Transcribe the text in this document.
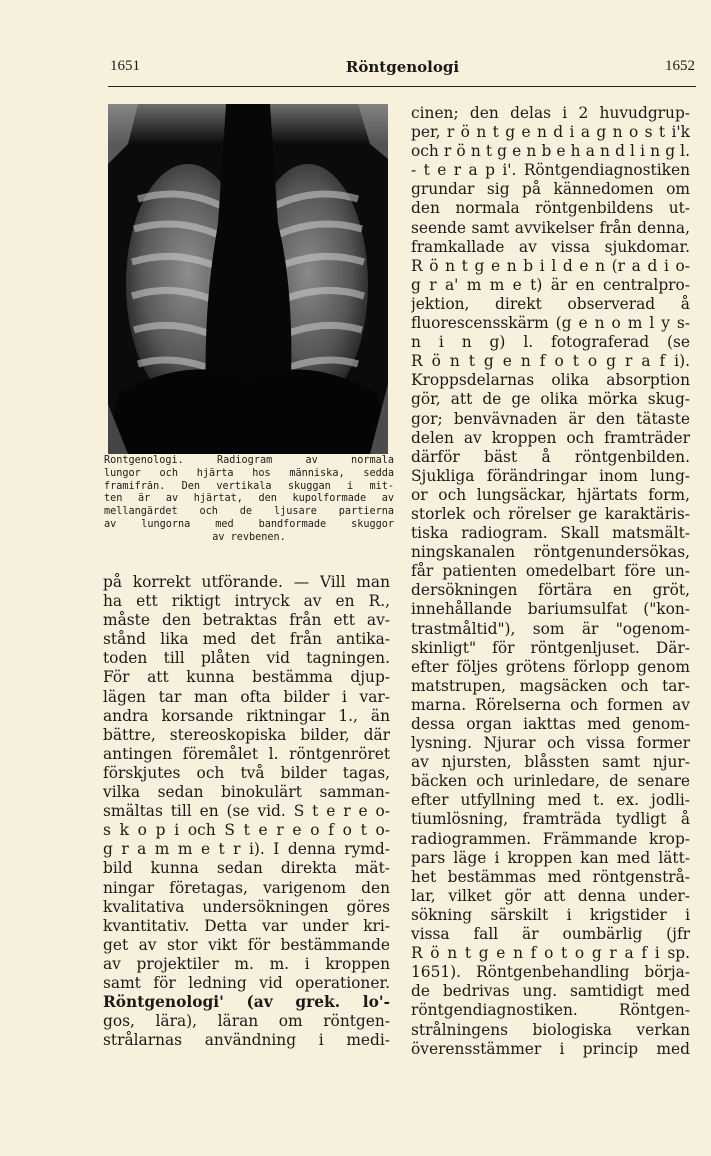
1651	Röntgenologi	1652
Rontgenologi. Radiogram av normala
lungor och hjärta hos människa, sedda
framifrån. Den vertikala skuggan i mit-
ten är av hjärtat, den kupolformade av
mellangärdet och de ljusare partierna
av lungorna med bandformade skuggor
av revbenen.
på korrekt utförande. — Vill man
ha ett riktigt intryck av en R.,
måste den betraktas från ett av-
stånd lika med det från antika-
toden till plåten vid tagningen.
För att kunna bestämma djup-
lägen tar man ofta bilder i var-
andra korsande riktningar 1., än
bättre, stereoskopiska bilder, där
antingen föremålet l. röntgenröret
förskjutes och två bilder tagas,
vilka sedan binokulärt samman-
smältas till en (se vid. S t e r e o-
s k o p i och S t e r e o f o t o-
g r a m m e t r i). I denna rymd-
bild kunna sedan direkta mät-
ningar företagas, varigenom den
kvalitativa undersökningen göres
kvantitativ. Detta var under kri-
get av stor vikt för bestämmande
av projektiler m. m. i kroppen
samt för ledning vid operationer.
Röntgenologi' (av grek. lo'-
gos, lära), läran om röntgen-
strålarnas användning i medi-
cinen; den delas i 2 huvudgrup-
per, r ö n t g e n d i a g n o s t i'k
och r ö n t g e n b e h a n d l i n g l.
- t e r a p i'. Röntgendiagnostiken
grundar sig på kännedomen om
den normala röntgenbildens ut-
seende samt avvikelser från denna,
framkallade av vissa sjukdomar.
R ö n t g e n b i l d e n (r a d i o-
g r a' m m e t) är en centralpro-
jektion, direkt observerad å
fluorescensskärm (g e n o m l y s-
n i n g) l. fotograferad (se
R ö n t g e n f o t o g r a f i).
Kroppsdelarnas olika absorption
gör, att de ge olika mörka skug-
gor; benvävnaden är den tätaste
delen av kroppen och framträder
därför bäst å röntgenbilden.
Sjukliga förändringar inom lung-
or och lungsäckar, hjärtats form,
storlek och rörelser ge karaktäris-
tiska radiogram. Skall matsmält-
ningskanalen röntgenundersökas,
får patienten omedelbart före un-
dersökningen förtära en gröt,
innehållande bariumsulfat ("kon-
trastmåltid"), som är "ogenom-
skinligt" för röntgenljuset. Där-
efter följes grötens förlopp genom
matstrupen, magsäcken och tar-
marna. Rörelserna och formen av
dessa organ iakttas med genom-
lysning. Njurar och vissa former
av njursten, blåssten samt njur-
bäcken och urinledare, de senare
efter utfyllning med t. ex. jodli-
tiumlösning, framträda tydligt å
radiogrammen. Främmande krop-
pars läge i kroppen kan med lätt-
het bestämmas med röntgenstrå-
lar, vilket gör att denna under-
sökning särskilt i krigstider i
vissa fall är oumbärlig (jfr
R ö n t g e n f o t o g r a f i sp.
1651). Röntgenbehandling börja-
de bedrivas ung. samtidigt med
röntgendiagnostiken. Röntgen-
strålningens biologiska verkan
överensstämmer i princip med
